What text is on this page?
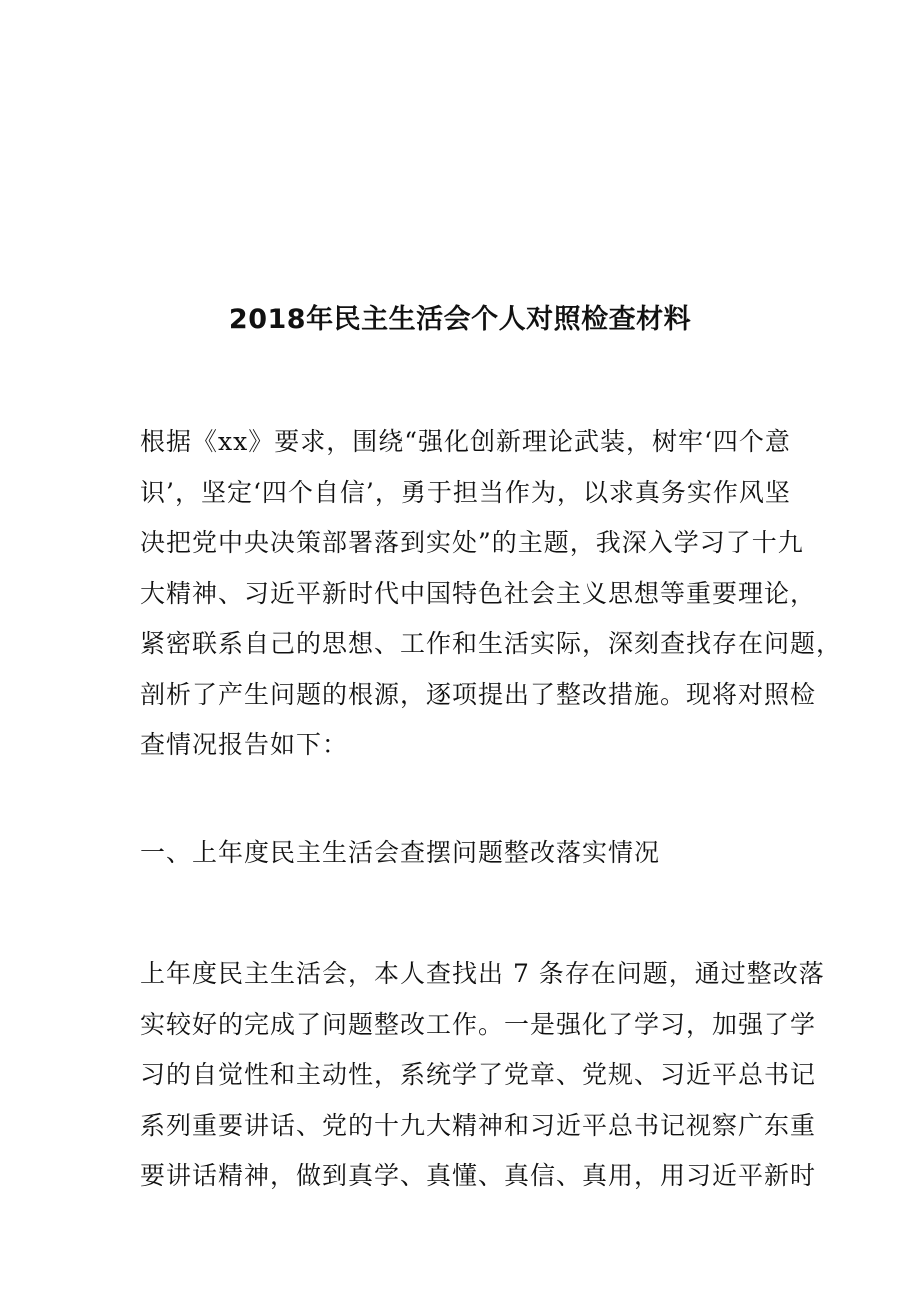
2018年民主生活会个人对照检查材料

根据《xx》要求，围绕“强化创新理论武装，树牢‘四个意
识’，坚定‘四个自信’，勇于担当作为，以求真务实作风坚
决把党中央决策部署落到实处”的主题，我深入学习了十九
大精神、习近平新时代中国特色社会主义思想等重要理论，
紧密联系自己的思想、工作和生活实际，深刻查找存在问题，
剖析了产生问题的根源，逐项提出了整改措施。现将对照检
查情况报告如下：

一、上年度民主生活会查摆问题整改落实情况

上年度民主生活会，本人查找出 7 条存在问题，通过整改落
实较好的完成了问题整改工作。一是强化了学习，加强了学
习的自觉性和主动性，系统学了党章、党规、习近平总书记
系列重要讲话、党的十九大精神和习近平总书记视察广东重
要讲话精神，做到真学、真懂、真信、真用，用习近平新时
